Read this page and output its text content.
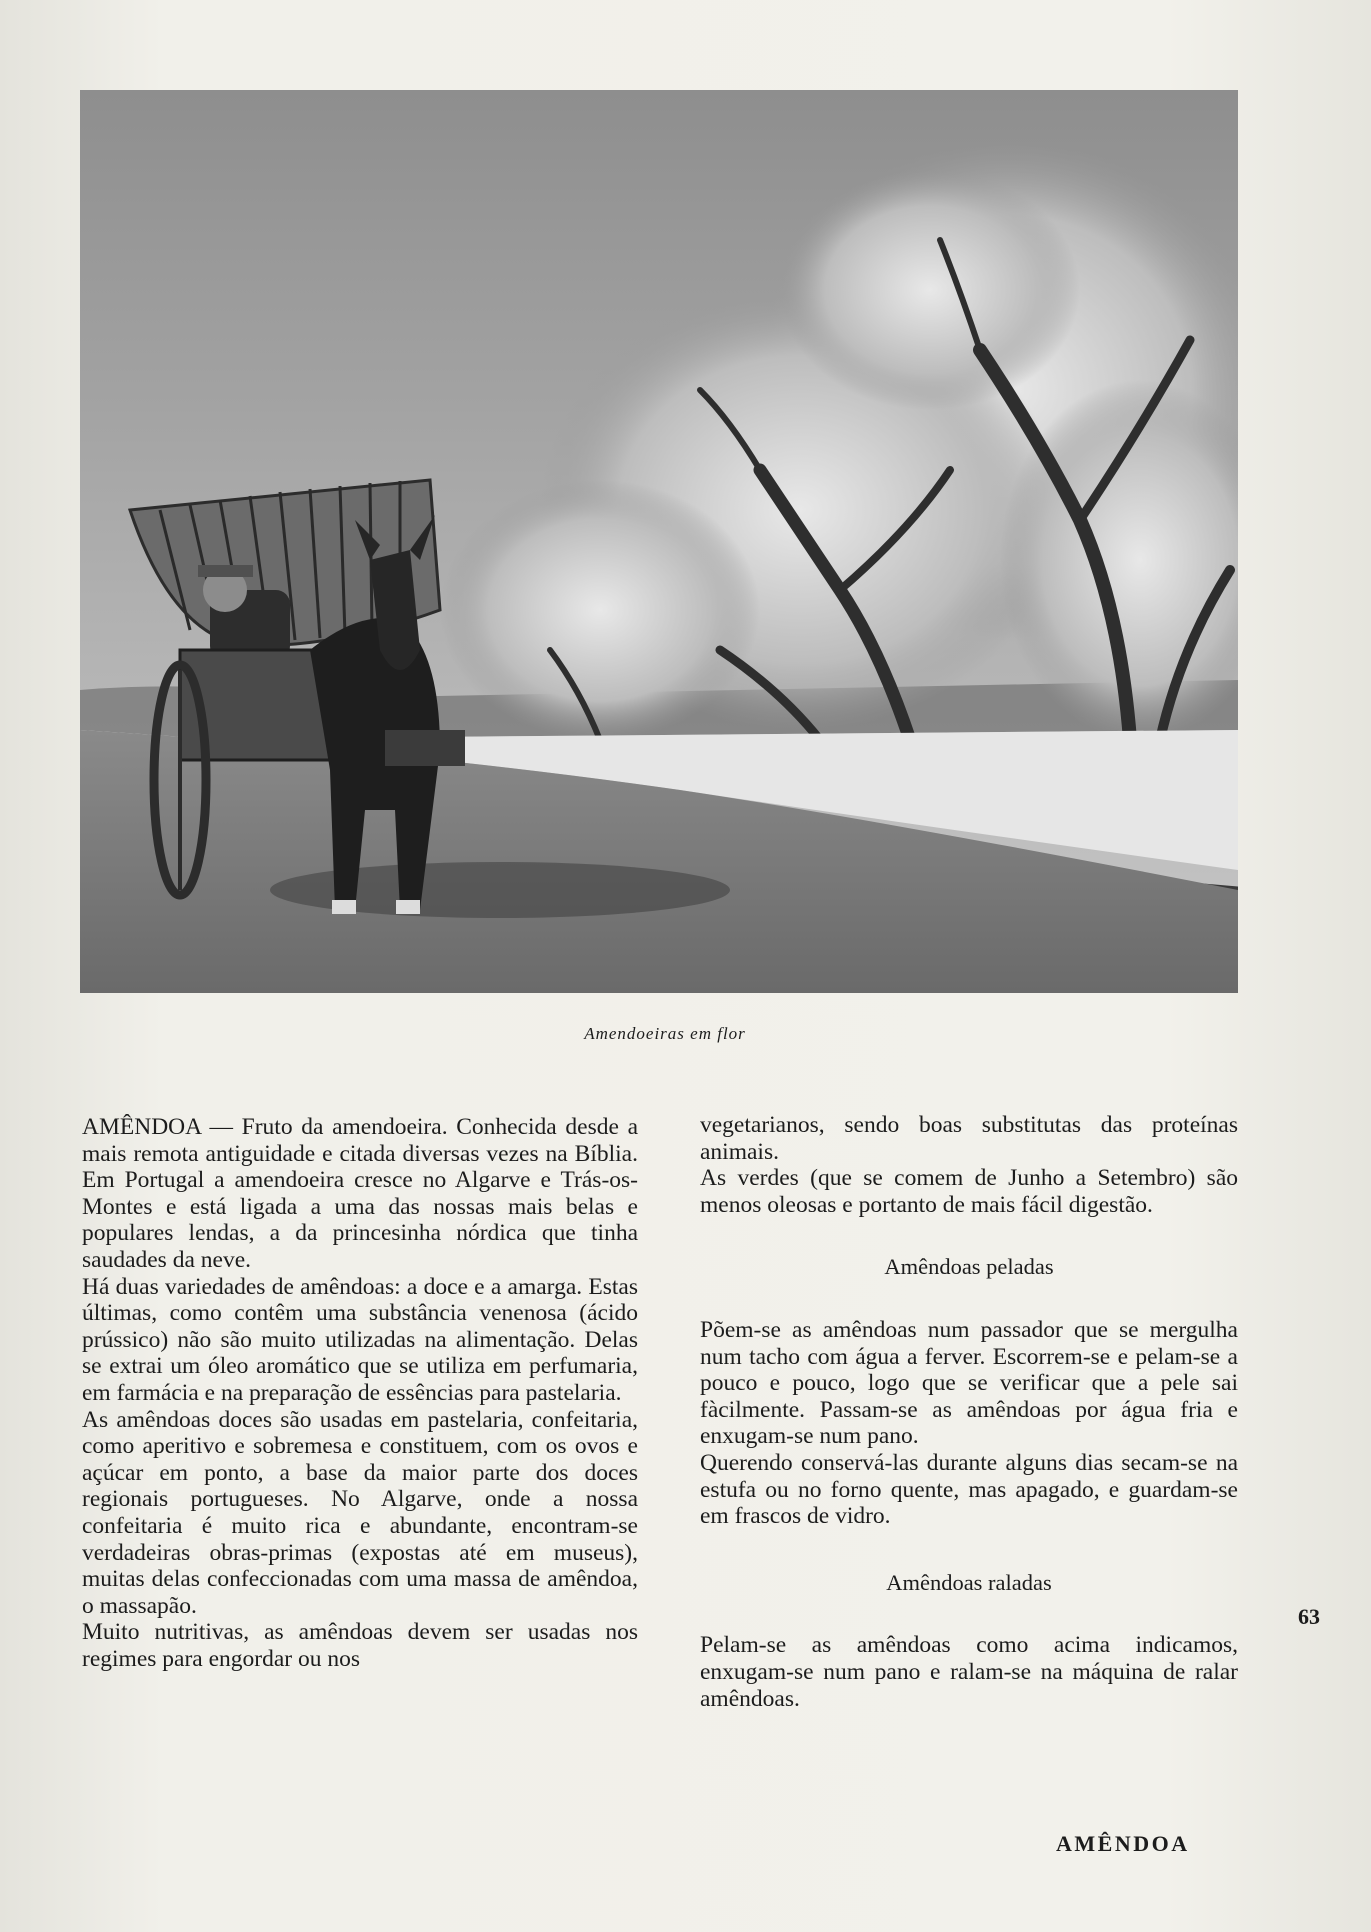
Amendoeiras em flor

AMÊNDOA — Fruto da amendoeira. Conhecida desde a mais remota antiguidade e citada diversas vezes na Bíblia. Em Portugal a amendoeira cresce no Algarve e Trás-os-Montes e está ligada a uma das nossas mais belas e populares lendas, a da princesinha nórdica que tinha saudades da neve.

Há duas variedades de amêndoas: a doce e a amarga. Estas últimas, como contêm uma substância venenosa (ácido prússico) não são muito utilizadas na alimentação. Delas se extrai um óleo aromático que se utiliza em perfumaria, em farmácia e na preparação de essências para pastelaria.

As amêndoas doces são usadas em pastelaria, confeitaria, como aperitivo e sobremesa e constituem, com os ovos e açúcar em ponto, a base da maior parte dos doces regionais portugueses. No Algarve, onde a nossa confeitaria é muito rica e abundante, encontram-se verdadeiras obras-primas (expostas até em museus), muitas delas confeccionadas com uma massa de amêndoa, o massapão.

Muito nutritivas, as amêndoas devem ser usadas nos regimes para engordar ou nos

vegetarianos, sendo boas substitutas das proteínas animais.

As verdes (que se comem de Junho a Setembro) são menos oleosas e portanto de mais fácil digestão.

Amêndoas peladas

Põem-se as amêndoas num passador que se mergulha num tacho com água a ferver. Escorrem-se e pelam-se a pouco e pouco, logo que se verificar que a pele sai fàcilmente. Passam-se as amêndoas por água fria e enxugam-se num pano.

Querendo conservá-las durante alguns dias secam-se na estufa ou no forno quente, mas apagado, e guardam-se em frascos de vidro.

Amêndoas raladas

Pelam-se as amêndoas como acima indicamos, enxugam-se num pano e ralam-se na máquina de ralar amêndoas.

63
AMÊNDOA
